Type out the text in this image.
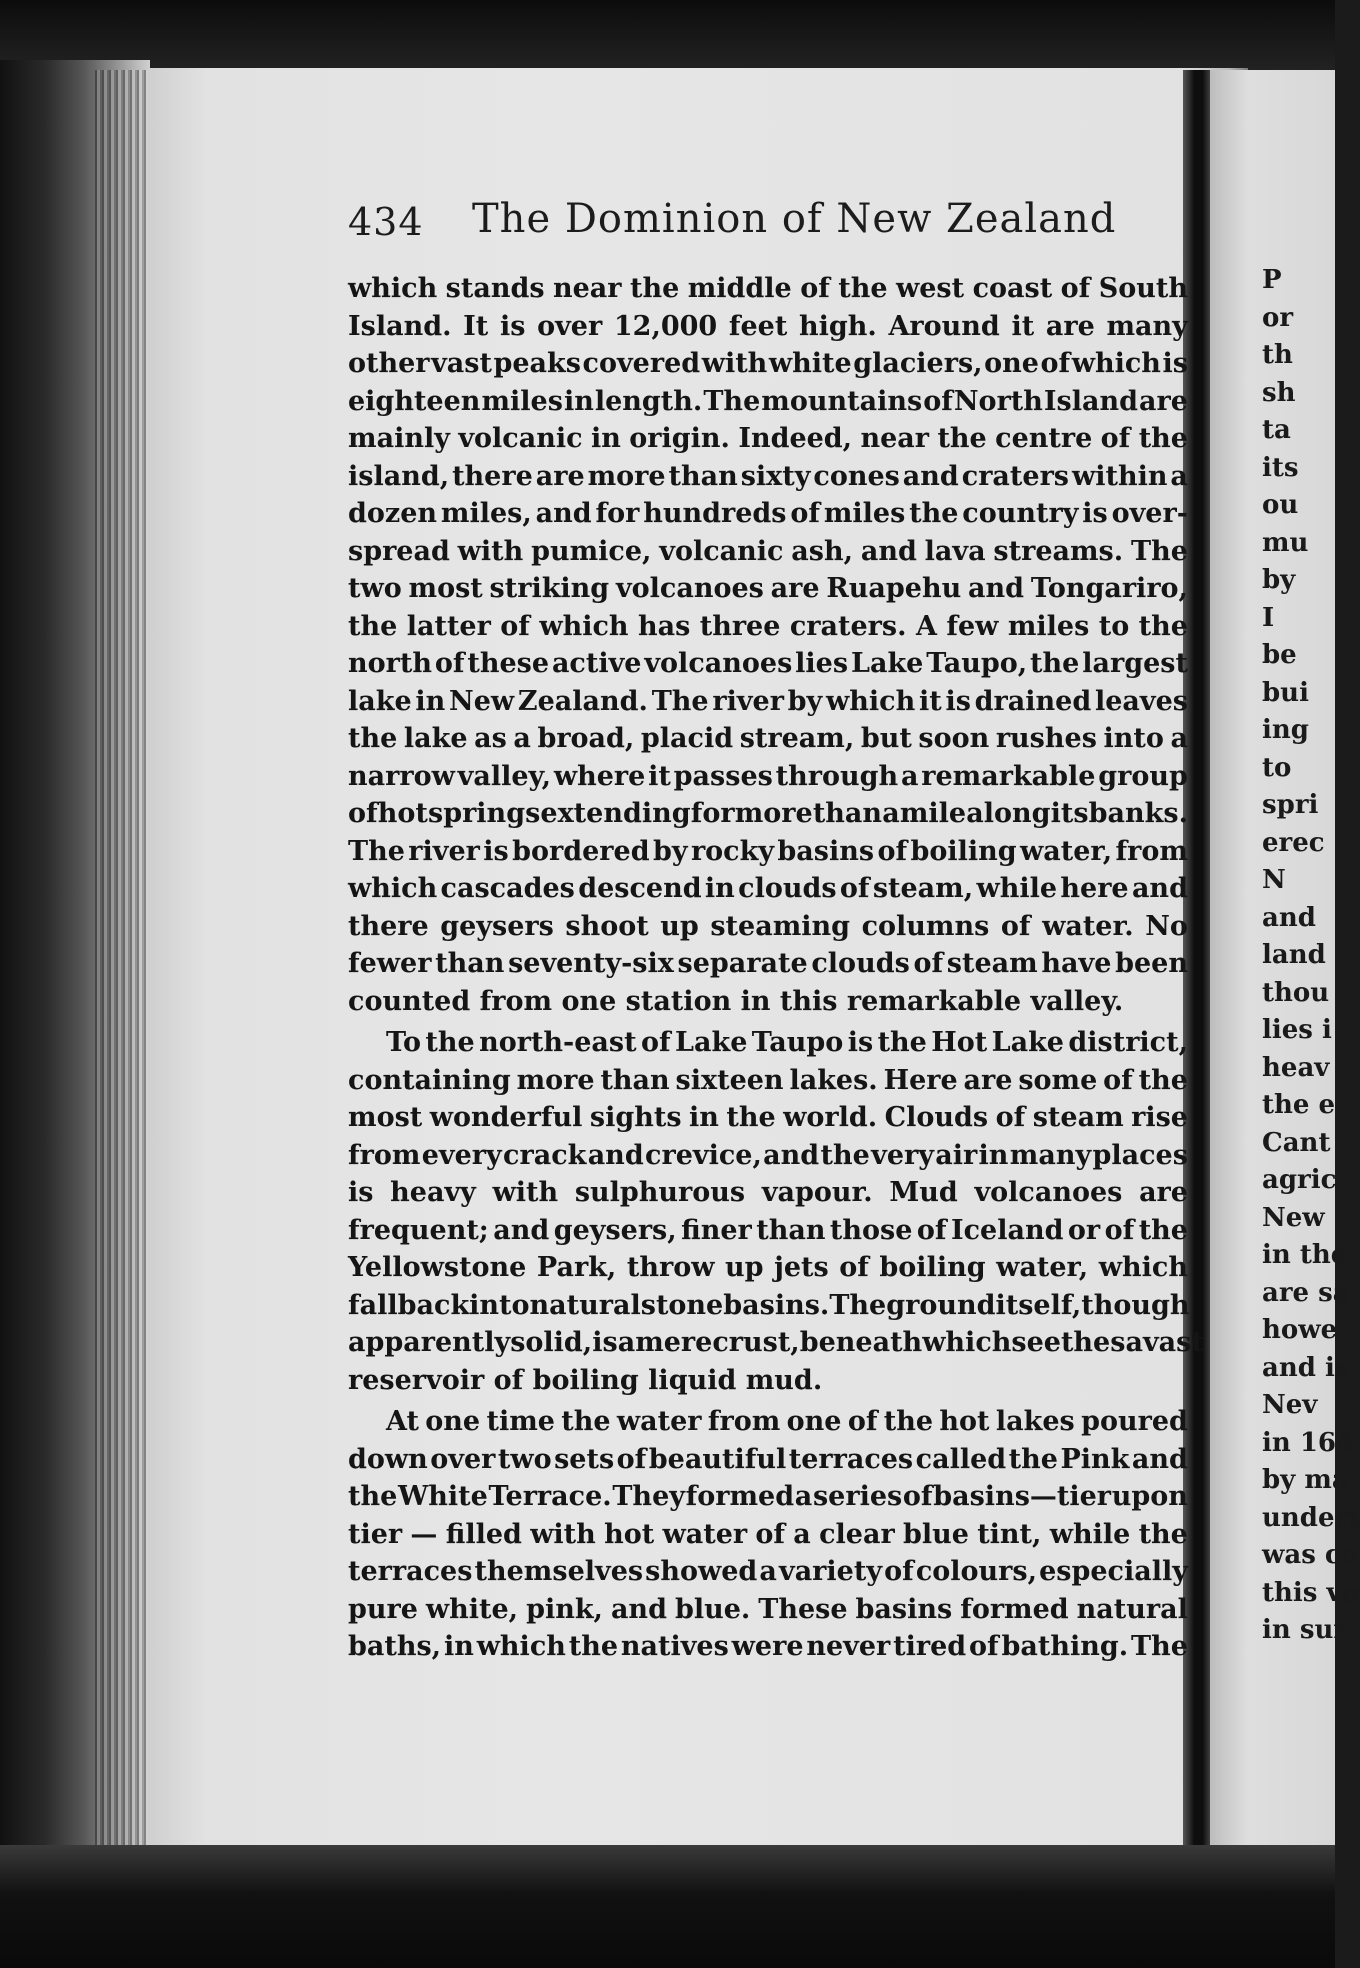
434 The Dominion of New Zealand
which stands near the middle of the west coast of South
Island. It is over 12,000 feet high. Around it are many
other vast peaks covered with white glaciers, one of which is
eighteen miles in length. The mountains of North Island are
mainly volcanic in origin. Indeed, near the centre of the
island, there are more than sixty cones and craters within a
dozen miles, and for hundreds of miles the country is over-
spread with pumice, volcanic ash, and lava streams. The
two most striking volcanoes are Ruapehu and Tongariro,
the latter of which has three craters. A few miles to the
north of these active volcanoes lies Lake Taupo, the largest
lake in New Zealand. The river by which it is drained leaves
the lake as a broad, placid stream, but soon rushes into a
narrow valley, where it passes through a remarkable group
of hot springs extending for more than a mile along its banks.
The river is bordered by rocky basins of boiling water, from
which cascades descend in clouds of steam, while here and
there geysers shoot up steaming columns of water. No
fewer than seventy-six separate clouds of steam have been
counted from one station in this remarkable valley.
To the north-east of Lake Taupo is the Hot Lake district,
containing more than sixteen lakes. Here are some of the
most wonderful sights in the world. Clouds of steam rise
from every crack and crevice, and the very air in many places
is heavy with sulphurous vapour. Mud volcanoes are
frequent; and geysers, finer than those of Iceland or of the
Yellowstone Park, throw up jets of boiling water, which
fall back into natural stone basins. The ground itself, though
apparently solid, is a mere crust, beneath which seethes a vast
reservoir of boiling liquid mud.
At one time the water from one of the hot lakes poured
down over two sets of beautiful terraces called the Pink and
the White Terrace. They formed a series of basins—tier upon
tier — filled with hot water of a clear blue tint, while the
terraces themselves showed a variety of colours, especially
pure white, pink, and blue. These basins formed natural
baths, in which the natives were never tired of bathing. The
P
or
th
sh
ta
its
ou
mu
by
I
be
bui
ing
to
spri
erec
N
and
land
thou
lies i
heav
the e
Cant
agric
New
in the
are sa
howe
and is
Nev
in 164
by ma
undert
was co
this vo
in sur
